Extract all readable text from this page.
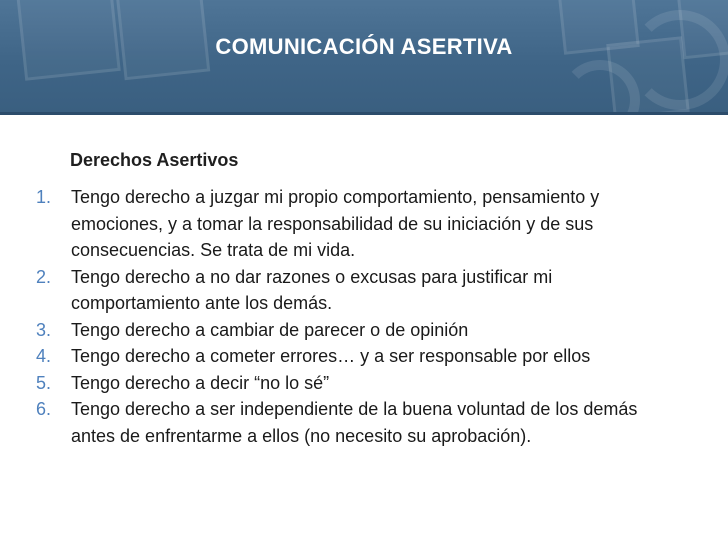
COMUNICACIÓN ASERTIVA
Derechos Asertivos
1. Tengo derecho a juzgar mi propio comportamiento, pensamiento y emociones, y a tomar la responsabilidad de su iniciación y de sus consecuencias. Se trata de mi vida.
2. Tengo derecho a no dar razones o excusas para justificar mi comportamiento ante los demás.
3. Tengo derecho a cambiar de parecer o de opinión
4. Tengo derecho a cometer errores… y a ser responsable por ellos
5. Tengo derecho a decir “no lo sé”
6. Tengo derecho a ser independiente de la buena voluntad de los demás antes de enfrentarme a ellos (no necesito su aprobación).
